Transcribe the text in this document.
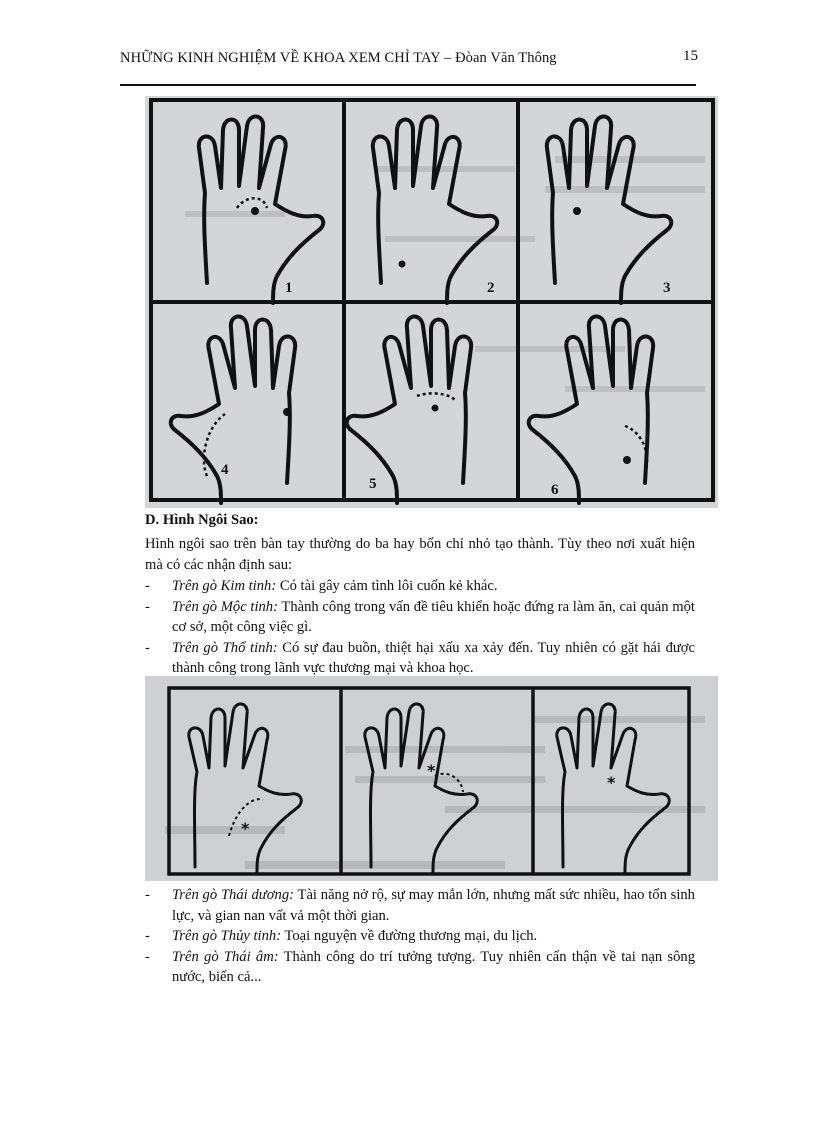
NHỮNG KINH NGHIỆM VỀ KHOA XEM CHỈ TAY – Đòan Văn Thông	15
1	2	3
4
5	6
D. Hình Ngôi Sao:
Hình ngôi sao trên bàn tay thường do ba hay bốn chỉ nhỏ tạo thành. Tùy theo nơi xuất hiện mà có các nhận định sau:
- Trên gò Kim tinh: Có tài gây cảm tình lôi cuốn kẻ khác.
- Trên gò Mộc tinh: Thành công trong vấn đề tiêu khiển hoặc đứng ra làm ăn, cai quản một cơ sở, một công việc gì.
- Trên gò Thổ tinh: Có sự đau buồn, thiệt hại xấu xa xảy đến. Tuy nhiên có gặt hái được thành công trong lãnh vực thương mại và khoa học.
*
*
*
- Trên gò Thái dương: Tài năng nở rộ, sự may mắn lớn, nhưng mất sức nhiều, hao tổn sinh lực, và gian nan vất vả một thời gian.
- Trên gò Thủy tinh: Toại nguyện về đường thương mại, du lịch.
- Trên gò Thái âm: Thành công do trí tưởng tượng. Tuy nhiên cẩn thận về tai nạn sông nước, biển cả...
